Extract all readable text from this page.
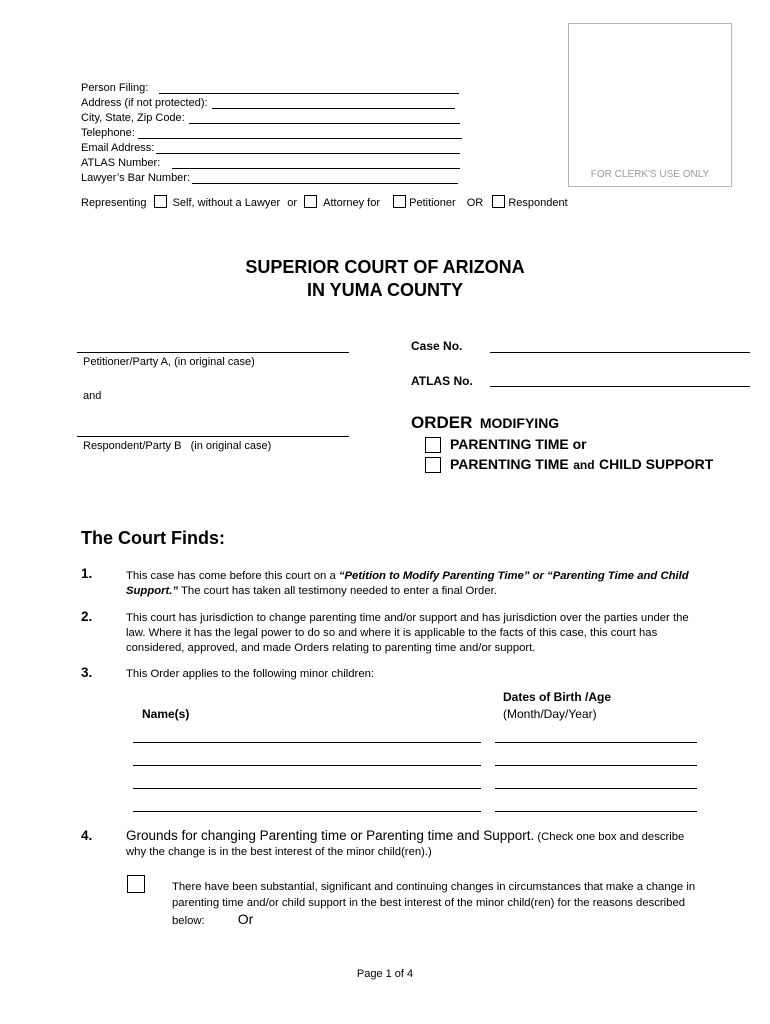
FOR CLERK'S USE ONLY
Person Filing:
Address (if not protected):
City, State, Zip Code:
Telephone:
Email Address:
ATLAS Number:
Lawyer’s Bar Number:
Representing Self, without a Lawyer or Attorney for	Petitioner OR Respondent
SUPERIOR COURT OF ARIZONA
IN YUMA COUNTY
Petitioner/Party A, (in original case)
and
Respondent/Party B   (in original case)
Case No.
ATLAS No.
ORDER MODIFYING
PARENTING TIME or
PARENTING TIME and CHILD SUPPORT
The Court Finds:
1.	This case has come before this court on a “Petition to Modify Parenting Time” or “Parenting Time and Child Support.” The court has taken all testimony needed to enter a final Order.
2.	This court has jurisdiction to change parenting time and/or support and has jurisdiction over the parties under the law. Where it has the legal power to do so and where it is applicable to the facts of this case, this court has considered, approved, and made Orders relating to parenting time and/or support.
3.	This Order applies to the following minor children:
Name(s)
Dates of Birth /Age
(Month/Day/Year)
4. Grounds for changing Parenting time or Parenting time and Support. (Check one box and describe why the change is in the best interest of the minor child(ren).)
There have been substantial, significant and continuing changes in circumstances that make a change in parenting time and/or child support in the best interest of the minor child(ren) for the reasons described below: Or
Page 1 of 4
